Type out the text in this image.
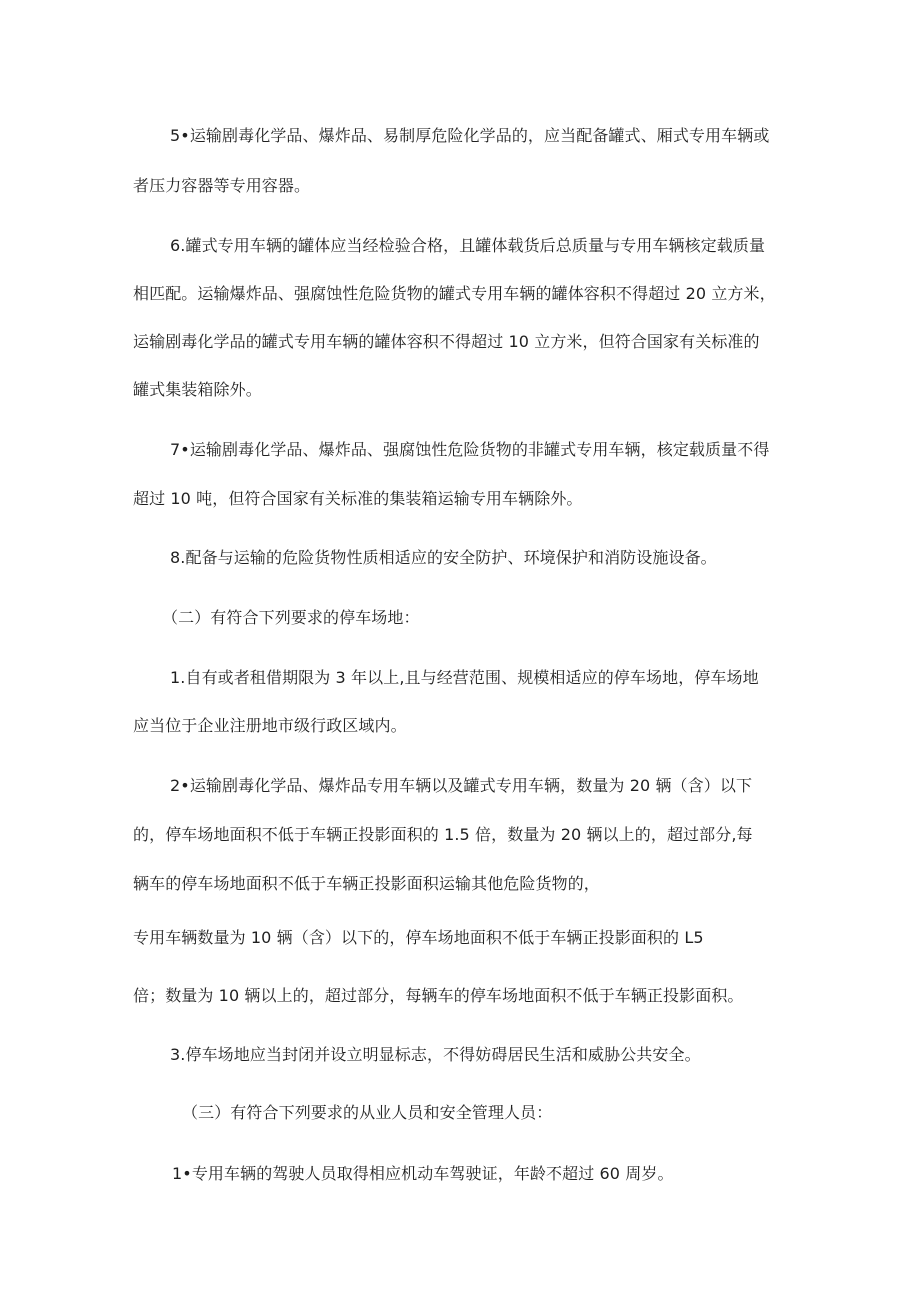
5•运输剧毒化学品、爆炸品、易制厚危险化学品的，应当配备罐式、厢式专用车辆或
者压力容器等专用容器。
6.罐式专用车辆的罐体应当经检验合格，且罐体载货后总质量与专用车辆核定载质量
相匹配。运输爆炸品、强腐蚀性危险货物的罐式专用车辆的罐体容积不得超过 20 立方米，
运输剧毒化学品的罐式专用车辆的罐体容积不得超过 10 立方米，但符合国家有关标准的
罐式集装箱除外。
7•运输剧毒化学品、爆炸品、强腐蚀性危险货物的非罐式专用车辆，核定载质量不得
超过 10 吨，但符合国家有关标准的集装箱运输专用车辆除外。
8.配备与运输的危险货物性质相适应的安全防护、环境保护和消防设施设备。
（二）有符合下列要求的停车场地：
1.自有或者租借期限为 3 年以上,且与经营范围、规模相适应的停车场地，停车场地
应当位于企业注册地市级行政区域内。
2•运输剧毒化学品、爆炸品专用车辆以及罐式专用车辆，数量为 20 辆（含）以下
的，停车场地面积不低于车辆正投影面积的 1.5 倍，数量为 20 辆以上的，超过部分,每
辆车的停车场地面积不低于车辆正投影面积运输其他危险货物的，
专用车辆数量为 10 辆（含）以下的，停车场地面积不低于车辆正投影面积的 L5
倍；数量为 10 辆以上的，超过部分，每辆车的停车场地面积不低于车辆正投影面积。
3.停车场地应当封闭并设立明显标志，不得妨碍居民生活和威胁公共安全。
（三）有符合下列要求的从业人员和安全管理人员：
1•专用车辆的驾驶人员取得相应机动车驾驶证，年龄不超过 60 周岁。
